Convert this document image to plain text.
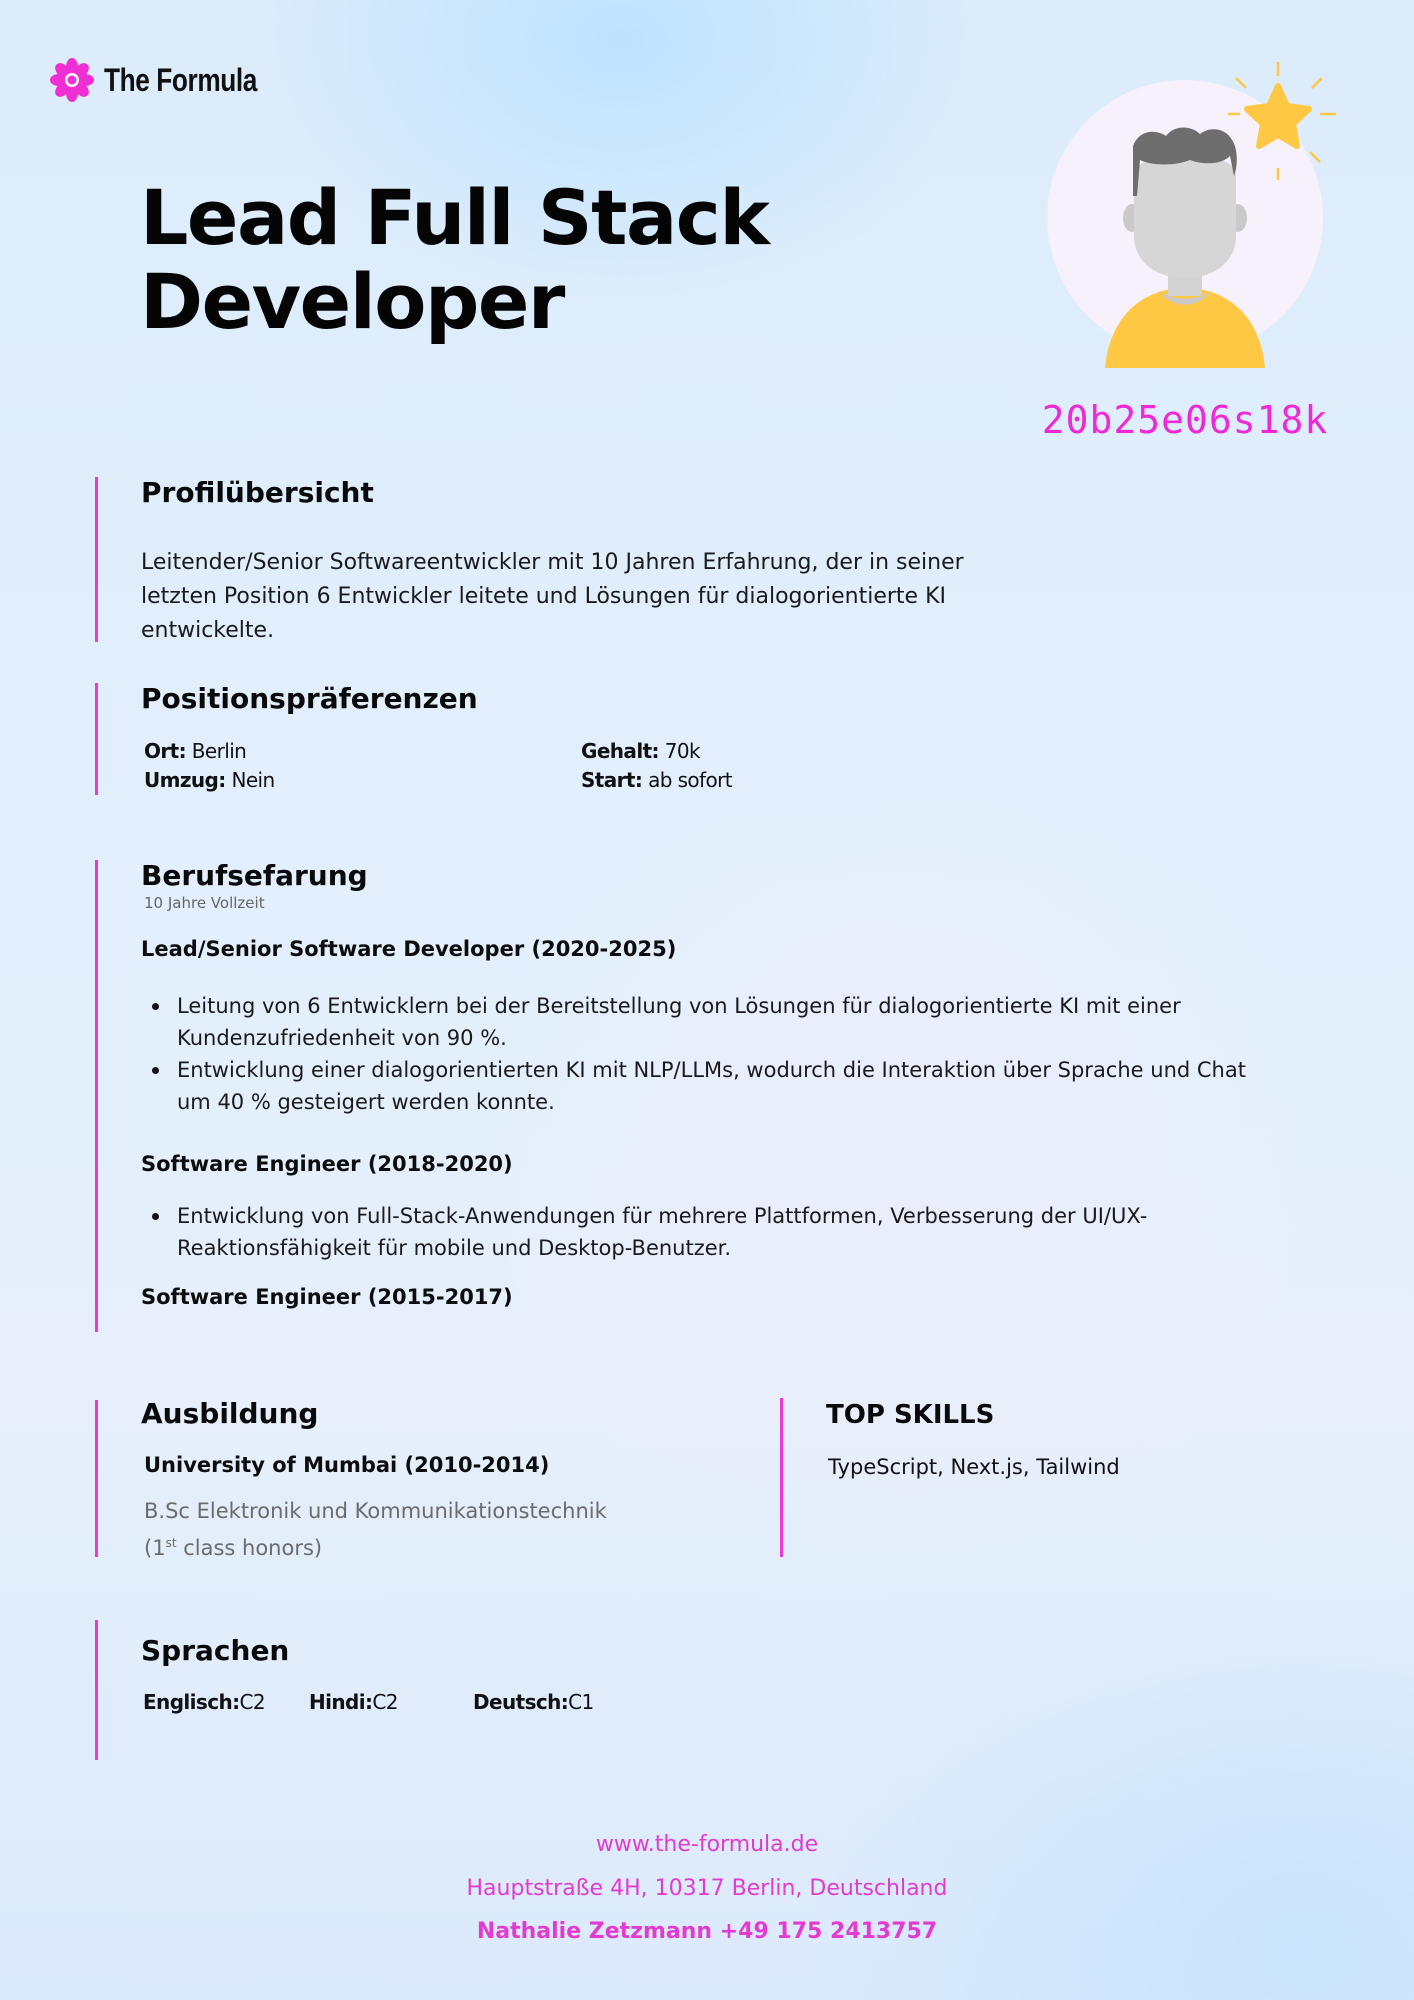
The Formula
Lead Full Stack Developer
20b25e06s18k
Profilübersicht

Leitender/Senior Softwareentwickler mit 10 Jahren Erfahrung, der in seiner letzten Position 6 Entwickler leitete und Lösungen für dialogorientierte KI entwickelte.

Positionspräferenzen
Ort: Berlin
Umzug: Nein
Gehalt: 70k
Start: ab sofort
Berufsefarung
10 Jahre Vollzeit
Lead/Senior Software Developer (2020-2025)
Leitung von 6 Entwicklern bei der Bereitstellung von Lösungen für dialogorientierte KI mit einer Kundenzufriedenheit von 90 %.
Entwicklung einer dialogorientierten KI mit NLP/LLMs, wodurch die Interaktion über Sprache und Chat um 40 % gesteigert werden konnte.
Software Engineer (2018-2020)
Entwicklung von Full-Stack-Anwendungen für mehrere Plattformen, Verbesserung der UI/UX-Reaktionsfähigkeit für mobile und Desktop-Benutzer.
Software Engineer (2015-2017)
Ausbildung
University of Mumbai (2010-2014)
B.Sc Elektronik und Kommunikationstechnik
(1st class honors)
TOP SKILLS
TypeScript, Next.js, Tailwind
Sprachen
Englisch:C2 Hindi:C2	Deutsch:C1
www.the-formula.de
Hauptstraße 4H, 10317 Berlin, Deutschland
Nathalie Zetzmann +49 175 2413757
